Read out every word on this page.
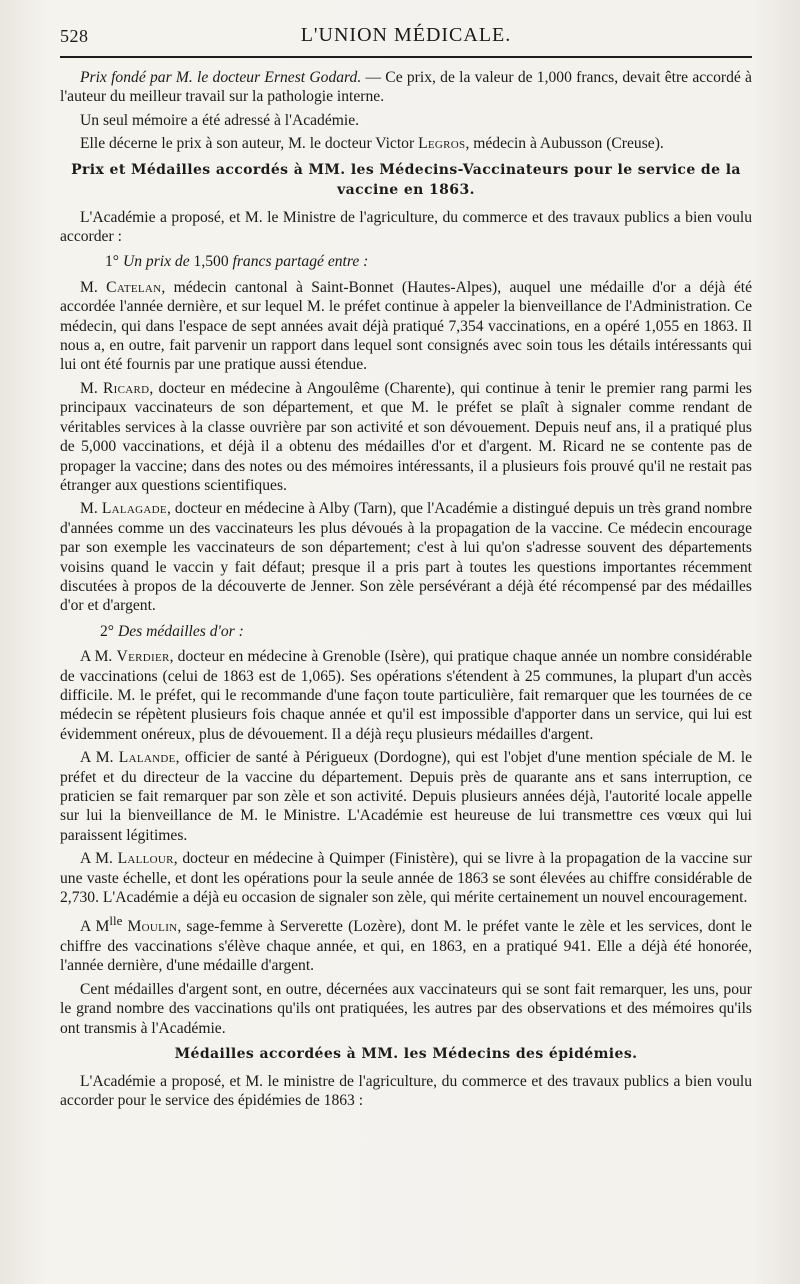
528	L'UNION MÉDICALE.

Prix fondé par M. le docteur Ernest Godard. — Ce prix, de la valeur de 1,000 francs, devait être accordé à l'auteur du meilleur travail sur la pathologie interne.

Un seul mémoire a été adressé à l'Académie.

Elle décerne le prix à son auteur, M. le docteur Victor Legros, médecin à Aubusson (Creuse).

Prix et Médailles accordés à MM. les Médecins-Vaccinateurs pour le service de la vaccine en 1863.

L'Académie a proposé, et M. le Ministre de l'agriculture, du commerce et des travaux publics a bien voulu accorder :

1° Un prix de 1,500 francs partagé entre :

M. Catelan, médecin cantonal à Saint-Bonnet (Hautes-Alpes), auquel une médaille d'or a déjà été accordée l'année dernière, et sur lequel M. le préfet continue à appeler la bienveillance de l'Administration. Ce médecin, qui dans l'espace de sept années avait déjà pratiqué 7,354 vaccinations, en a opéré 1,055 en 1863. Il nous a, en outre, fait parvenir un rapport dans lequel sont consignés avec soin tous les détails intéressants qui lui ont été fournis par une pratique aussi étendue.

M. Ricard, docteur en médecine à Angoulême (Charente), qui continue à tenir le premier rang parmi les principaux vaccinateurs de son département, et que M. le préfet se plaît à signaler comme rendant de véritables services à la classe ouvrière par son activité et son dévouement. Depuis neuf ans, il a pratiqué plus de 5,000 vaccinations, et déjà il a obtenu des médailles d'or et d'argent. M. Ricard ne se contente pas de propager la vaccine; dans des notes ou des mémoires intéressants, il a plusieurs fois prouvé qu'il ne restait pas étranger aux questions scientifiques.

M. Lalagade, docteur en médecine à Alby (Tarn), que l'Académie a distingué depuis un très grand nombre d'années comme un des vaccinateurs les plus dévoués à la propagation de la vaccine. Ce médecin encourage par son exemple les vaccinateurs de son département; c'est à lui qu'on s'adresse souvent des départements voisins quand le vaccin y fait défaut; presque il a pris part à toutes les questions importantes récemment discutées à propos de la découverte de Jenner. Son zèle persévérant a déjà été récompensé par des médailles d'or et d'argent.

2° Des médailles d'or :

A M. Verdier, docteur en médecine à Grenoble (Isère), qui pratique chaque année un nombre considérable de vaccinations (celui de 1863 est de 1,065). Ses opérations s'étendent à 25 communes, la plupart d'un accès difficile. M. le préfet, qui le recommande d'une façon toute particulière, fait remarquer que les tournées de ce médecin se répètent plusieurs fois chaque année et qu'il est impossible d'apporter dans un service, qui lui est évidemment onéreux, plus de dévouement. Il a déjà reçu plusieurs médailles d'argent.

A M. Lalande, officier de santé à Périgueux (Dordogne), qui est l'objet d'une mention spéciale de M. le préfet et du directeur de la vaccine du département. Depuis près de quarante ans et sans interruption, ce praticien se fait remarquer par son zèle et son activité. Depuis plusieurs années déjà, l'autorité locale appelle sur lui la bienveillance de M. le Ministre. L'Académie est heureuse de lui transmettre ces vœux qui lui paraissent légitimes.

A M. Lallour, docteur en médecine à Quimper (Finistère), qui se livre à la propagation de la vaccine sur une vaste échelle, et dont les opérations pour la seule année de 1863 se sont élevées au chiffre considérable de 2,730. L'Académie a déjà eu occasion de signaler son zèle, qui mérite certainement un nouvel encouragement.

A $M^{lle}$ Moulin, sage-femme à Serverette (Lozère), dont M. le préfet vante le zèle et les services, dont le chiffre des vaccinations s'élève chaque année, et qui, en 1863, en a pratiqué 941. Elle a déjà été honorée, l'année dernière, d'une médaille d'argent.

Cent médailles d'argent sont, en outre, décernées aux vaccinateurs qui se sont fait remarquer, les uns, pour le grand nombre des vaccinations qu'ils ont pratiquées, les autres par des observations et des mémoires qu'ils ont transmis à l'Académie.

Médailles accordées à MM. les Médecins des épidémies.

L'Académie a proposé, et M. le ministre de l'agriculture, du commerce et des travaux publics a bien voulu accorder pour le service des épidémies de 1863 :
